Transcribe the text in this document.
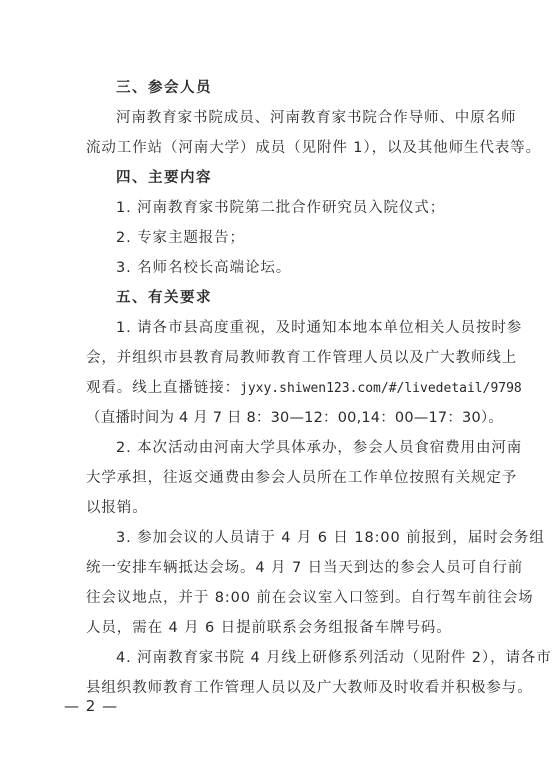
三、参会人员
河南教育家书院成员、河南教育家书院合作导师、中原名师
流动工作站（河南大学）成员（见附件 1），以及其他师生代表等。
四、主要内容
1. 河南教育家书院第二批合作研究员入院仪式；
2. 专家主题报告；
3. 名师名校长高端论坛。
五、有关要求
1. 请各市县高度重视，及时通知本地本单位相关人员按时参
会，并组织市县教育局教师教育工作管理人员以及广大教师线上
观看。线上直播链接：jyxy.shiwen123.com/#/livedetail/9798
（直播时间为 4 月 7 日 8：30—12：00,14：00—17：30）。
2. 本次活动由河南大学具体承办，参会人员食宿费用由河南
大学承担，往返交通费由参会人员所在工作单位按照有关规定予
以报销。
3. 参加会议的人员请于 4 月 6 日 18:00 前报到，届时会务组
统一安排车辆抵达会场。4 月 7 日当天到达的参会人员可自行前
往会议地点，并于 8:00 前在会议室入口签到。自行驾车前往会场
人员，需在 4 月 6 日提前联系会务组报备车牌号码。
4. 河南教育家书院 4 月线上研修系列活动（见附件 2），请各市
县组织教师教育工作管理人员以及广大教师及时收看并积极参与。
— 2 —
